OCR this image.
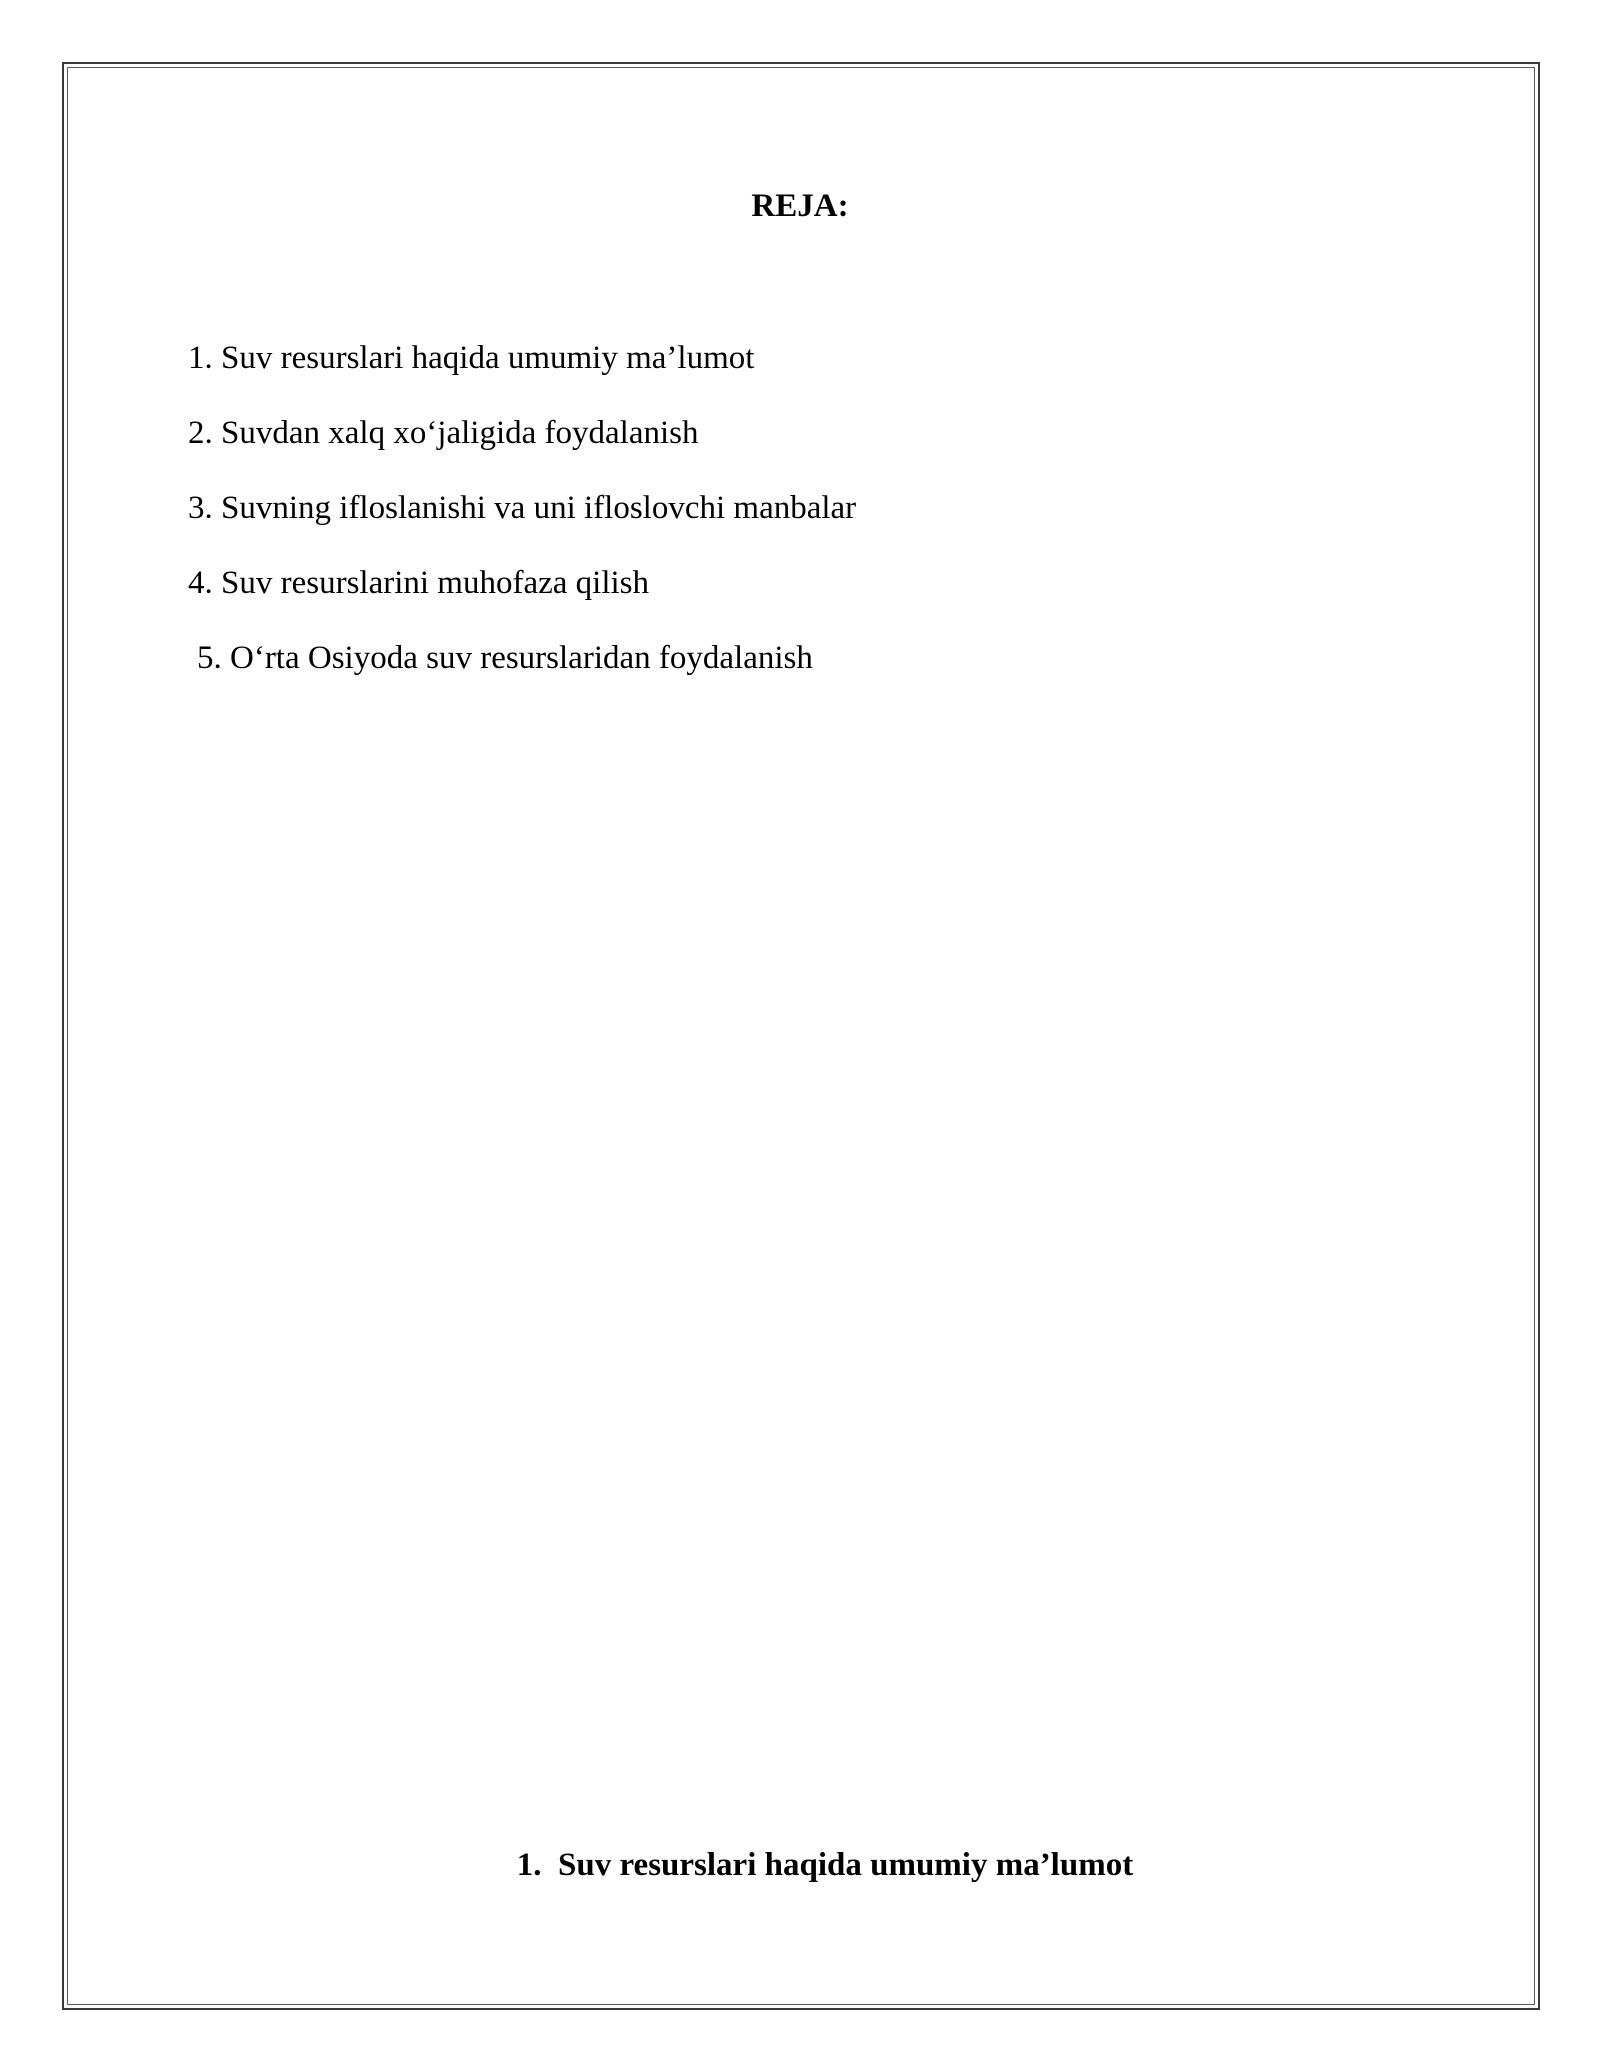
REJA:
1. Suv resurslari haqida umumiy ma’lumot
2. Suvdan xalq xo‘jaligida foydalanish
3. Suvning ifloslanishi va uni ifloslovchi manbalar
4. Suv resurslarini muhofaza qilish
5. O‘rta Osiyoda suv resurslaridan foydalanish
1.  Suv resurslari haqida umumiy ma’lumot
